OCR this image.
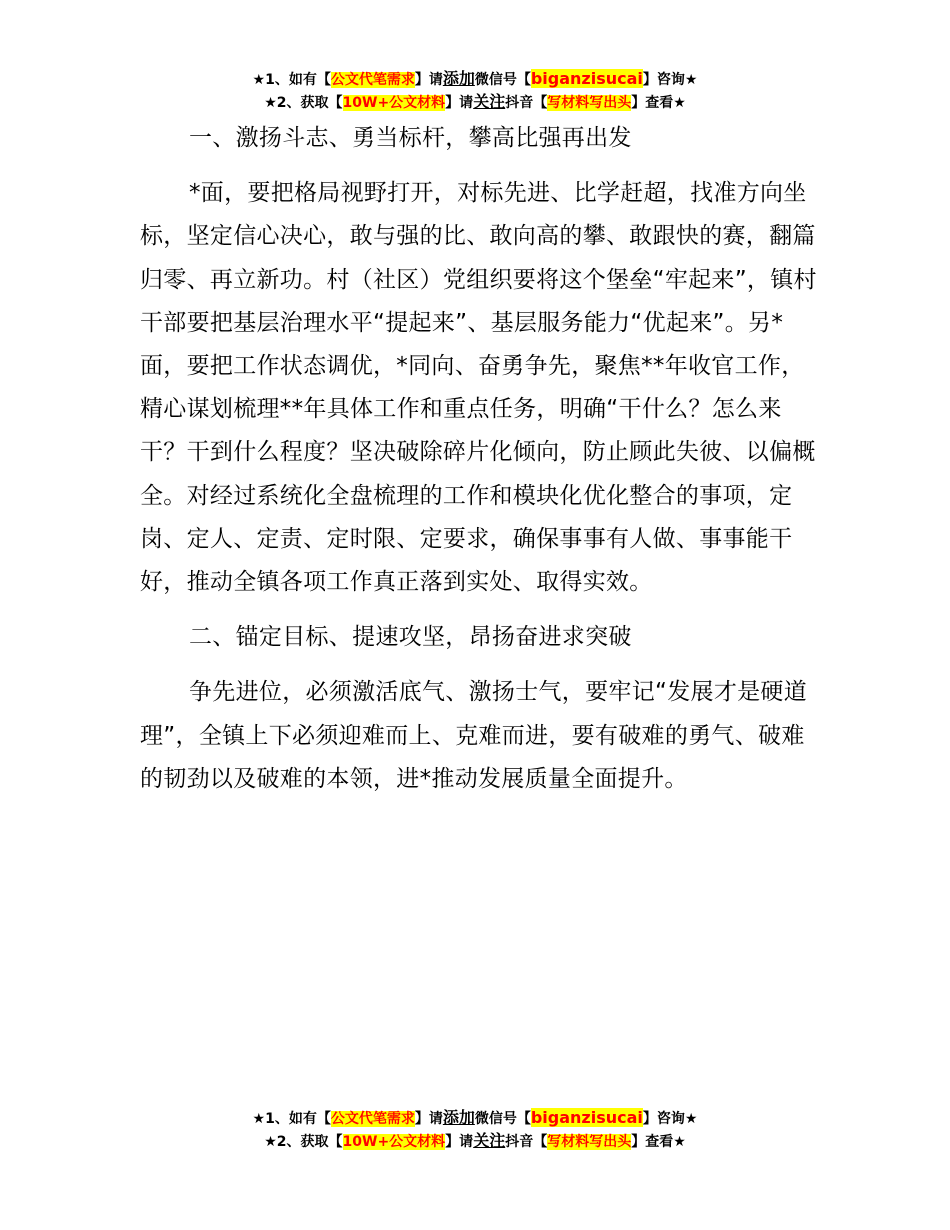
★1、如有【公文代笔需求】请添加微信号【biganzisucai】咨询★
★2、获取【10W+公文材料】请关注抖音【写材料写出头】查看★

一、激扬斗志、勇当标杆，攀高比强再出发

*面，要把格局视野打开，对标先进、比学赶超，找准方向坐标，坚定信心决心，敢与强的比、敢向高的攀、敢跟快的赛，翻篇归零、再立新功。村（社区）党组织要将这个堡垒“牢起来”，镇村干部要把基层治理水平“提起来”、基层服务能力“优起来”。另*面，要把工作状态调优，*同向、奋勇争先，聚焦**年收官工作，精心谋划梳理**年具体工作和重点任务，明确“干什么？怎么来干？干到什么程度？坚决破除碎片化倾向，防止顾此失彼、以偏概全。对经过系统化全盘梳理的工作和模块化优化整合的事项，定岗、定人、定责、定时限、定要求，确保事事有人做、事事能干好，推动全镇各项工作真正落到实处、取得实效。

二、锚定目标、提速攻坚，昂扬奋进求突破

争先进位，必须激活底气、激扬士气，要牢记“发展才是硬道理”，全镇上下必须迎难而上、克难而进，要有破难的勇气、破难的韧劲以及破难的本领，进*推动发展质量全面提升。

★1、如有【公文代笔需求】请添加微信号【biganzisucai】咨询★
★2、获取【10W+公文材料】请关注抖音【写材料写出头】查看★
